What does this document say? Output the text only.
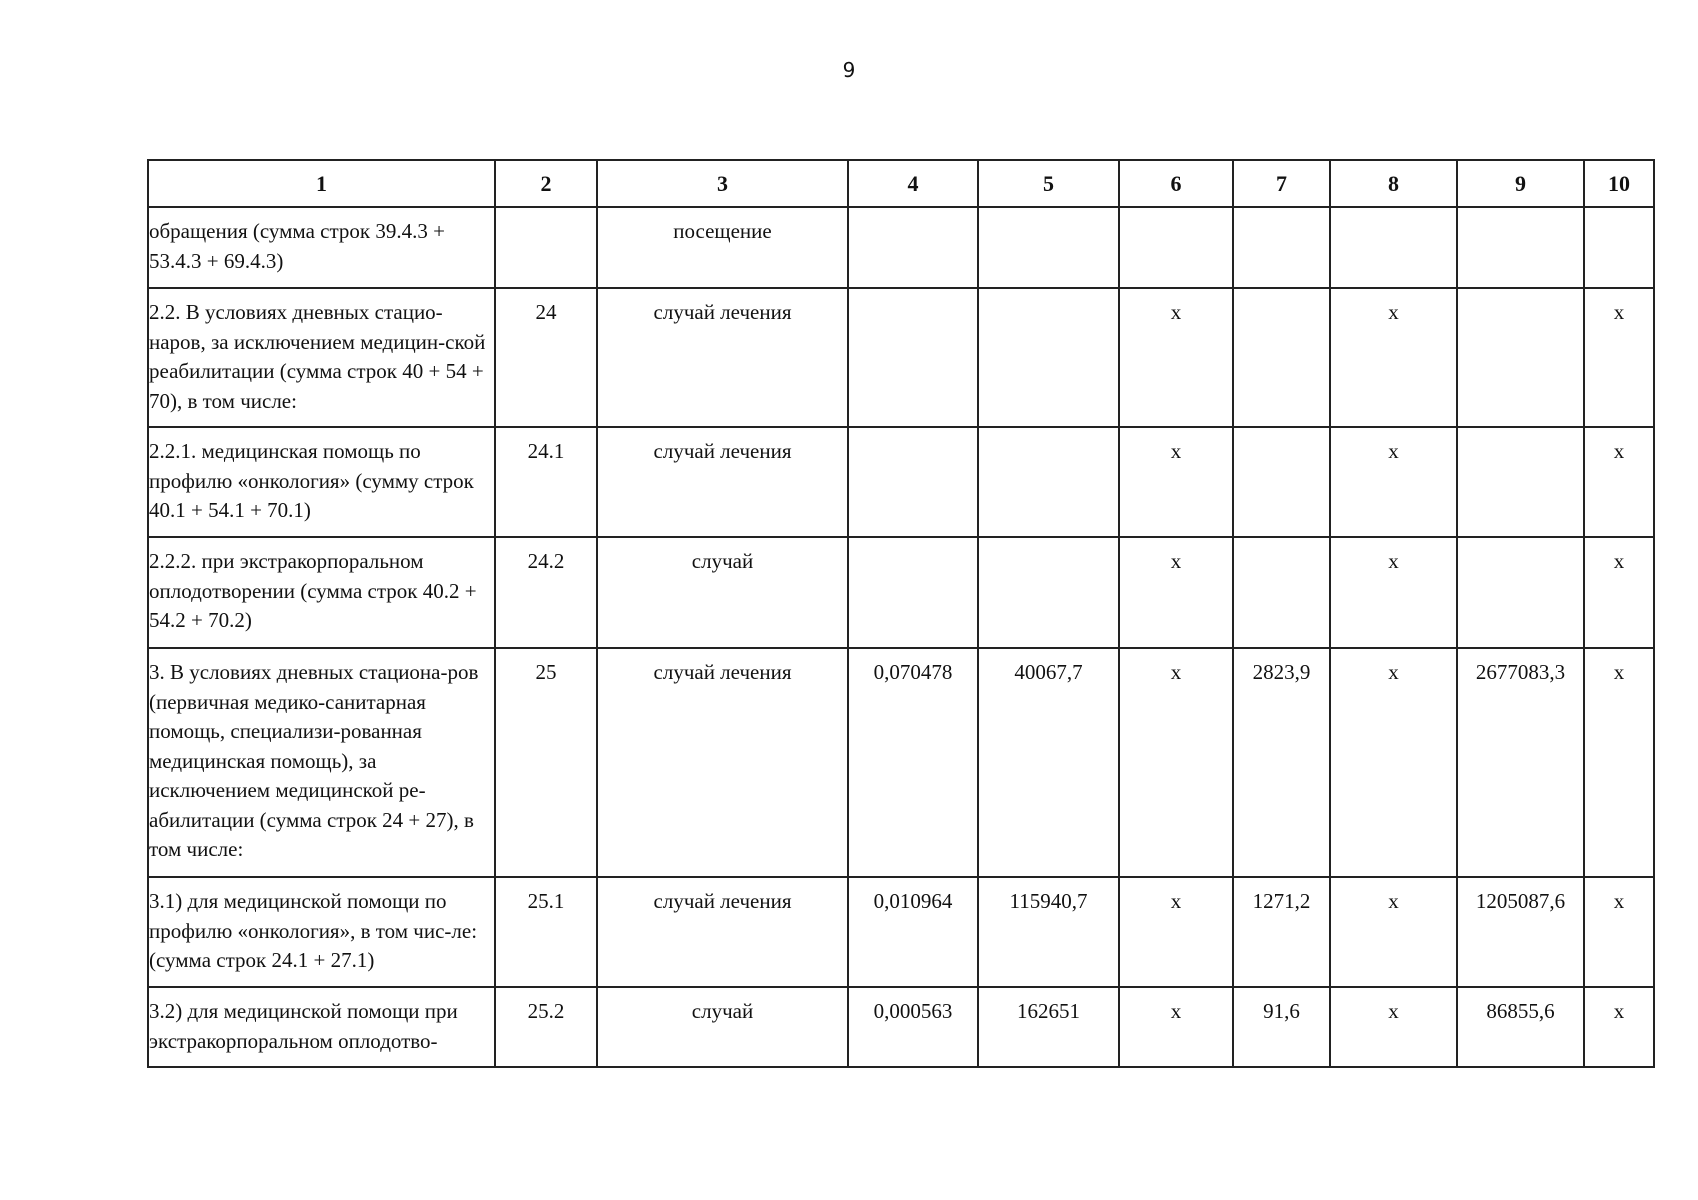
9
1	2	3	4	5	6	7	8	9	10
обращения (сумма строк 39.4.3 + 53.4.3 + 69.4.3)		посещение							
2.2. В условиях дневных стацио-наров, за исключением медицин-ской реабилитации (сумма строк 40 + 54 + 70), в том числе:	24	случай лечения			х		х		х
2.2.1. медицинская помощь по профилю «онкология» (сумму строк 40.1 + 54.1 + 70.1)	24.1	случай лечения			х		х		х
2.2.2. при экстракорпоральном оплодотворении (сумма строк 40.2 + 54.2 + 70.2)	24.2	случай			х		х		х
3. В условиях дневных стациона-ров (первичная медико-санитарная помощь, специализи-рованная медицинская помощь), за исключением медицинской ре-абилитации (сумма строк 24 + 27), в том числе:	25	случай лечения	0,070478	40067,7	х	2823,9	х	2677083,3	х
3.1) для медицинской помощи по профилю «онкология», в том чис-ле: (сумма строк 24.1 + 27.1)	25.1	случай лечения	0,010964	115940,7	х	1271,2	х	1205087,6	х
3.2) для медицинской помощи при экстракорпоральном оплодотво-	25.2	случай	0,000563	162651	х	91,6	х	86855,6	х
